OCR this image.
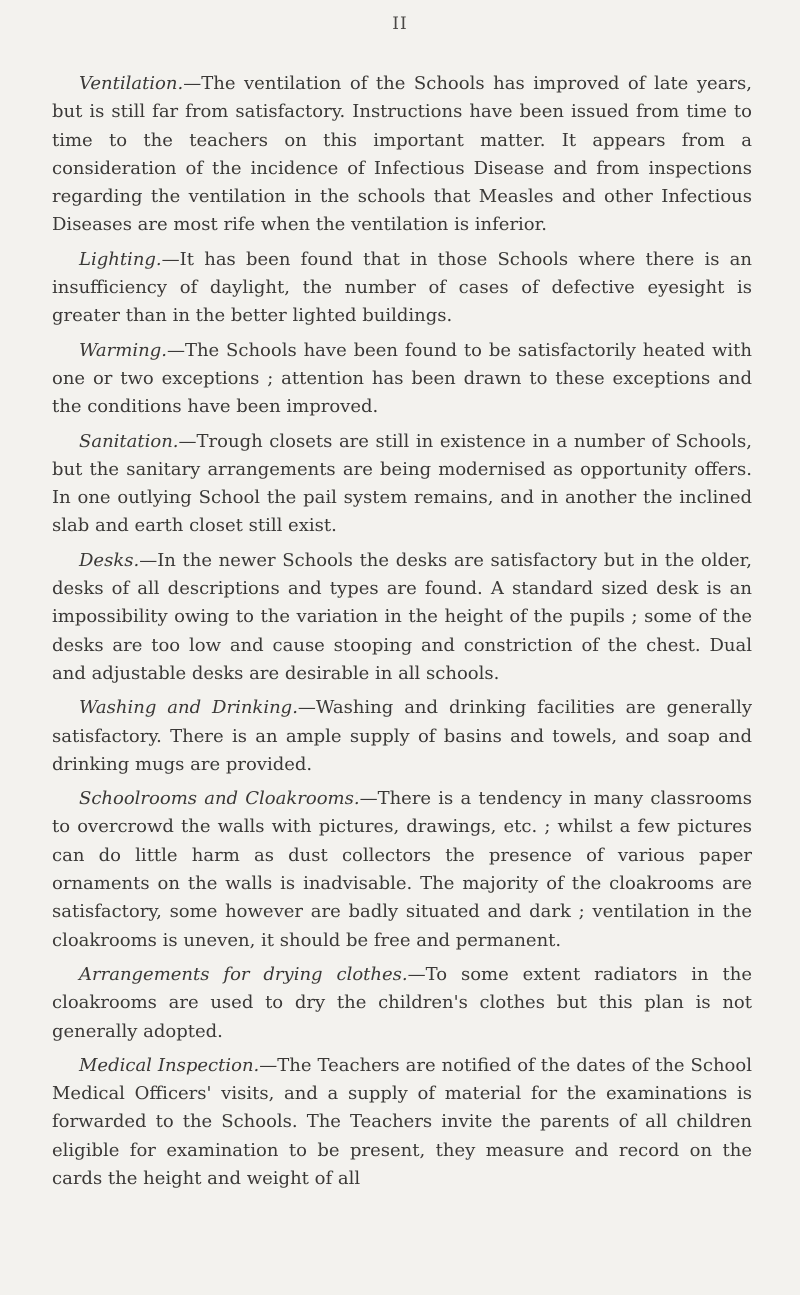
II

Ventilation.—The ventilation of the Schools has improved of late years, but is still far from satisfactory. Instructions have been issued from time to time to the teachers on this important matter. It appears from a consideration of the incidence of Infectious Disease and from inspections regarding the ventilation in the schools that Measles and other Infectious Diseases are most rife when the ventilation is inferior.

Lighting.—It has been found that in those Schools where there is an insufficiency of daylight, the number of cases of defective eyesight is greater than in the better lighted buildings.

Warming.—The Schools have been found to be satisfactorily heated with one or two exceptions ; attention has been drawn to these exceptions and the conditions have been improved.

Sanitation.—Trough closets are still in existence in a number of Schools, but the sanitary arrangements are being modernised as opportunity offers. In one outlying School the pail system remains, and in another the inclined slab and earth closet still exist.

Desks.—In the newer Schools the desks are satisfactory but in the older, desks of all descriptions and types are found. A standard sized desk is an impossibility owing to the variation in the height of the pupils ; some of the desks are too low and cause stooping and constriction of the chest. Dual and adjustable desks are desirable in all schools.

Washing and Drinking.—Washing and drinking facilities are generally satisfactory. There is an ample supply of basins and towels, and soap and drinking mugs are provided.

Schoolrooms and Cloakrooms.—There is a tendency in many classrooms to overcrowd the walls with pictures, drawings, etc. ; whilst a few pictures can do little harm as dust collectors the presence of various paper ornaments on the walls is inadvisable. The majority of the cloakrooms are satisfactory, some however are badly situated and dark ; ventilation in the cloakrooms is uneven, it should be free and permanent.

Arrangements for drying clothes.—To some extent radiators in the cloakrooms are used to dry the children's clothes but this plan is not generally adopted.

Medical Inspection.—The Teachers are notified of the dates of the School Medical Officers' visits, and a supply of material for the examinations is forwarded to the Schools. The Teachers invite the parents of all children eligible for examination to be present, they measure and record on the cards the height and weight of all
